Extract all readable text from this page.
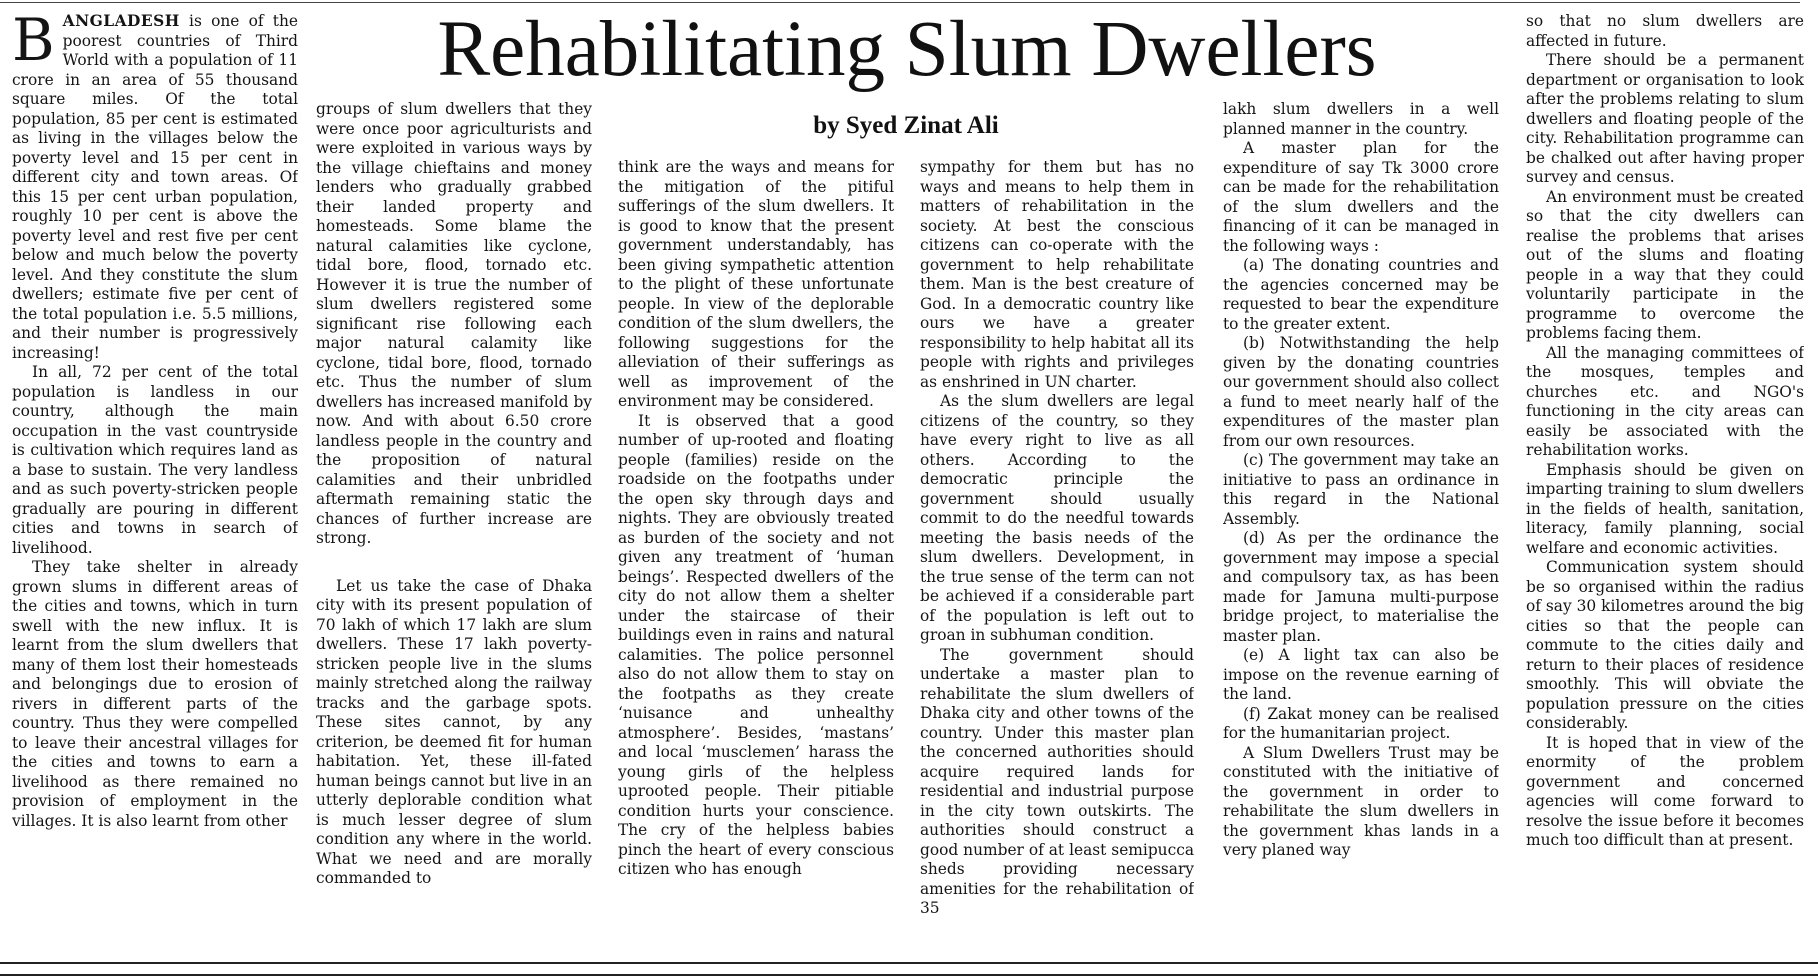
Rehabilitating Slum Dwellers
by Syed Zinat Ali

BANGLADESH is one of the poorest countries of Third World with a population of 11 crore in an area of 55 thousand square miles. Of the total population, 85 per cent is estimated as living in the villages below the poverty level and 15 per cent in different city and town areas. Of this 15 per cent urban population, roughly 10 per cent is above the poverty level and rest five per cent below and much below the poverty level. And they constitute the slum dwellers; estimate five per cent of the total population i.e. 5.5 millions, and their number is progressively increasing!

In all, 72 per cent of the total population is landless in our country, although the main occupation in the vast countryside is cultivation which requires land as a base to sustain. The very landless and as such poverty-stricken people gradually are pouring in different cities and towns in search of livelihood.

They take shelter in already grown slums in different areas of the cities and towns, which in turn swell with the new influx. It is learnt from the slum dwellers that many of them lost their homesteads and belongings due to erosion of rivers in different parts of the country. Thus they were compelled to leave their ancestral villages for the cities and towns to earn a livelihood as there remained no provision of employment in the villages. It is also learnt from other

groups of slum dwellers that they were once poor agriculturists and were exploited in various ways by the village chieftains and money lenders who gradually grabbed their landed property and homesteads. Some blame the natural calamities like cyclone, tidal bore, flood, tornado etc. However it is true the number of slum dwellers registered some significant rise following each major natural calamity like cyclone, tidal bore, flood, tornado etc. Thus the number of slum dwellers has increased manifold by now. And with about 6.50 crore landless people in the country and the proposition of natural calamities and their unbridled aftermath remaining static the chances of further increase are strong.

Let us take the case of Dhaka city with its present population of 70 lakh of which 17 lakh are slum dwellers. These 17 lakh poverty-stricken people live in the slums mainly stretched along the railway tracks and the garbage spots. These sites cannot, by any criterion, be deemed fit for human habitation. Yet, these ill-fated human beings cannot but live in an utterly deplorable condition what is much lesser degree of slum condition any where in the world. What we need and are morally commanded to

think are the ways and means for the mitigation of the pitiful sufferings of the slum dwellers. It is good to know that the present government understandably, has been giving sympathetic attention to the plight of these unfortunate people. In view of the deplorable condition of the slum dwellers, the following suggestions for the alleviation of their sufferings as well as improvement of the environment may be considered.

It is observed that a good number of up-rooted and floating people (families) reside on the roadside on the footpaths under the open sky through days and nights. They are obviously treated as burden of the society and not given any treatment of ‘human beings’. Respected dwellers of the city do not allow them a shelter under the staircase of their buildings even in rains and natural calamities. The police personnel also do not allow them to stay on the footpaths as they create ‘nuisance and unhealthy atmosphere’. Besides, ‘mastans’ and local ‘musclemen’ harass the young girls of the helpless uprooted people. Their pitiable condition hurts your conscience. The cry of the helpless babies pinch the heart of every conscious citizen who has enough

sympathy for them but has no ways and means to help them in matters of rehabilitation in the society. At best the conscious citizens can co-operate with the government to help rehabilitate them. Man is the best creature of God. In a democratic country like ours we have a greater responsibility to help habitat all its people with rights and privileges as enshrined in UN charter.

As the slum dwellers are legal citizens of the country, so they have every right to live as all others. According to the democratic principle the government should usually commit to do the needful towards meeting the basis needs of the slum dwellers. Development, in the true sense of the term can not be achieved if a considerable part of the population is left out to groan in subhuman condition.

The government should undertake a master plan to rehabilitate the slum dwellers of Dhaka city and other towns of the country. Under this master plan the concerned authorities should acquire required lands for residential and industrial purpose in the city town outskirts. The authorities should construct a good number of at least semipucca sheds providing necessary amenities for the rehabilitation of 35

lakh slum dwellers in a well planned manner in the country.

A master plan for the expenditure of say Tk 3000 crore can be made for the rehabilitation of the slum dwellers and the financing of it can be managed in the following ways :

(a) The donating countries and the agencies concerned may be requested to bear the expenditure to the greater extent.

(b) Notwithstanding the help given by the donating countries our government should also collect a fund to meet nearly half of the expenditures of the master plan from our own resources.

(c) The government may take an initiative to pass an ordinance in this regard in the National Assembly.

(d) As per the ordinance the government may impose a special and compulsory tax, as has been made for Jamuna multi-purpose bridge project, to materialise the master plan.

(e) A light tax can also be impose on the revenue earning of the land.

(f) Zakat money can be realised for the humanitarian project.

A Slum Dwellers Trust may be constituted with the initiative of the government in order to rehabilitate the slum dwellers in the government khas lands in a very planed way

so that no slum dwellers are affected in future.

There should be a permanent department or organisation to look after the problems relating to slum dwellers and floating people of the city. Rehabilitation programme can be chalked out after having proper survey and census.

An environment must be created so that the city dwellers can realise the problems that arises out of the slums and floating people in a way that they could voluntarily participate in the programme to overcome the problems facing them.

All the managing committees of the mosques, temples and churches etc. and NGO's functioning in the city areas can easily be associated with the rehabilitation works.

Emphasis should be given on imparting training to slum dwellers in the fields of health, sanitation, literacy, family planning, social welfare and economic activities.

Communication system should be so organised within the radius of say 30 kilometres around the big cities so that the people can commute to the cities daily and return to their places of residence smoothly. This will obviate the population pressure on the cities considerably.

It is hoped that in view of the enormity of the problem government and concerned agencies will come forward to resolve the issue before it becomes much too difficult than at present.
